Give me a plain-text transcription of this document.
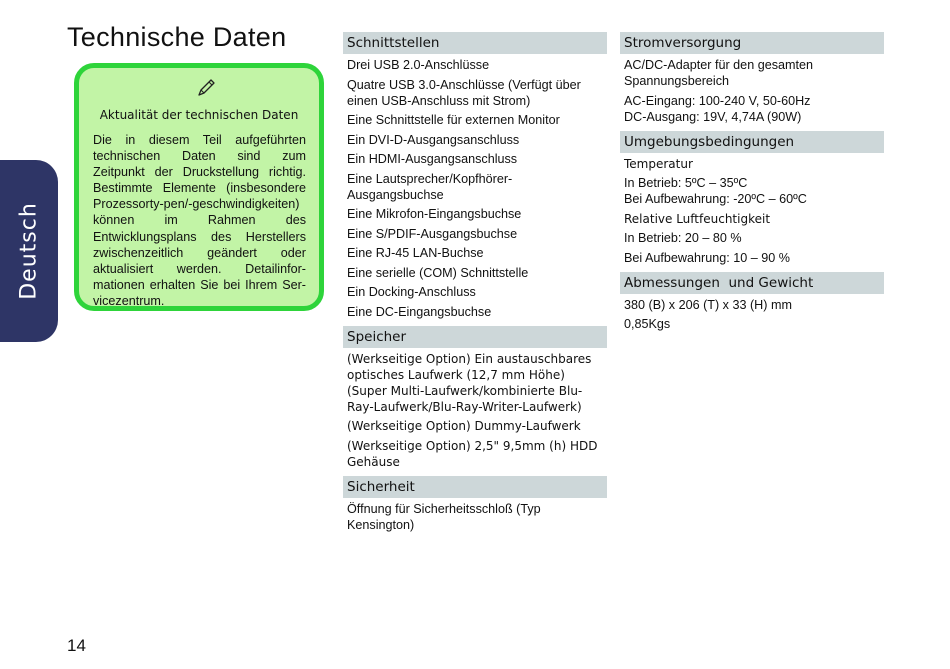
Technische Daten
Deutsch
Aktualität der technischen Daten

Die in diesem Teil aufgeführten technischen Daten sind zum Zeitpunkt der Druckstellung richtig. Bestimmte Elemente (insbesondere Prozessorty-pen/-geschwindigkeiten) können im Rahmen des Entwicklungsplans des Herstellers zwischenzeitlich geändert oder aktualisiert werden. Detailinfor-mationen erhalten Sie bei Ihrem Ser-vicezentrum.

Schnittstellen

Drei USB 2.0-Anschlüsse

Quatre USB 3.0-Anschlüsse (Verfügt über einen USB-Anschluss mit Strom)

Eine Schnittstelle für externen Monitor

Ein DVI-D-Ausgangsanschluss

Ein HDMI-Ausgangsanschluss

Eine Lautsprecher/Kopfhörer-Ausgangsbuchse

Eine Mikrofon-Eingangsbuchse

Eine S/PDIF-Ausgangsbuchse

Eine RJ-45 LAN-Buchse

Eine serielle (COM) Schnittstelle

Ein Docking-Anschluss

Eine DC-Eingangsbuchse

Speicher

(Werkseitige Option) Ein austauschbares optisches Laufwerk (12,7 mm Höhe) (Super Multi-Laufwerk/kombinierte Blu-Ray-Laufwerk/Blu-Ray-Writer-Laufwerk)

(Werkseitige Option) Dummy-Laufwerk

(Werkseitige Option) 2,5" 9,5mm (h) HDD Gehäuse

Sicherheit

Öffnung für Sicherheitsschloß (Typ Kensington)

Stromversorgung

AC/DC-Adapter für den gesamten Spannungsbereich

AC-Eingang: 100-240 V, 50-60Hz
DC-Ausgang: 19V, 4,74A (90W)

Umgebungsbedingungen

Temperatur

In Betrieb: 5ºC – 35ºC
Bei Aufbewahrung: -20ºC – 60ºC

Relative Luftfeuchtigkeit

In Betrieb: 20 – 80 %

Bei Aufbewahrung: 10 – 90 %

Abmessungen  und Gewicht

380 (B) x 206 (T) x 33 (H) mm

0,85Kgs

14
